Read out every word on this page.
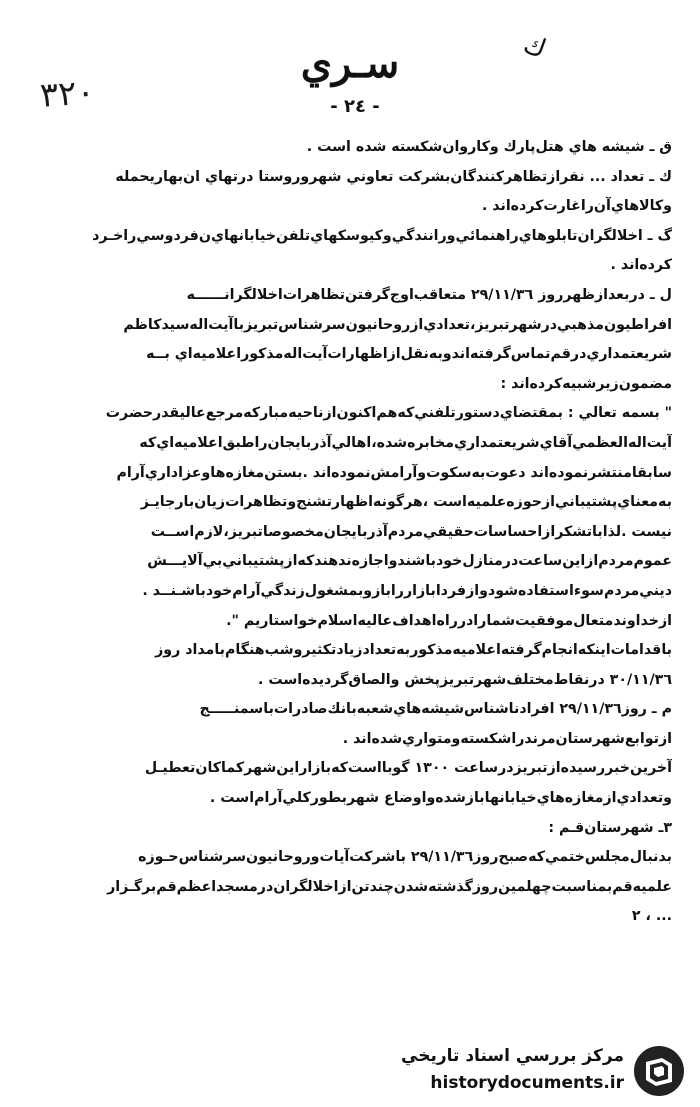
٣٢٠
ك
سـري
- ٢٤ -
ق ـ شيشه هاي هتل‌پارك وكاروان‌شكسته شده است .
ك ـ تعداد ... نفرازتظاهركنندگان‌بشركت تعاوني شهروروستا درتهاي ان‌بهاريحمله
وكالاهاي‌آن‌راغارت‌كرده‌اند .
گ ـ اخلالگران‌تابلوهاي‌راهنمائي‌ورانندگي‌وكيوسكهاي‌تلفن‌خيابانهاي‌ن‌فردوسي‌راخـرد
كرده‌اند .
ل ـ دربعدازظهرروز ٢٩/١١/٣٦ متعاقب‌اوج‌گرفتن‌تظاهرات‌اخلالگرانــــــه
افراطيون‌مذهبي‌درشهرتبريز،تعدادي‌ازروحانيون‌سرشناس‌تبريزباآيت‌اله‌سيدكاظم
شريعتمداري‌درقم‌تماس‌گرفته‌اندوبه‌نقل‌ازاظهارات‌آيت‌اله‌مذكوراعلاميه‌اي بــه
مضمون‌زيرشبيه‌كرده‌اند :
" بسمه تعالي : بمقتضاي‌دستورتلفني‌كه‌هم‌اكنون‌ازناحيه‌مباركه‌مرجع‌عاليقدرحضرت
آيت‌اله‌العظمي‌آقاي‌شريعتمداري‌مخابره‌شده،اهالي‌آذربايجان‌راطبق‌اعلاميه‌اي‌كه
سابقامنتشرنموده‌اند دعوت‌به‌سكوت‌وآرامش‌نموده‌اند .بستن‌مغازه‌هاوعزاداري‌آرام
به‌معناي‌پشتيباني‌ازحوزه‌علميه‌است ،هرگونه‌اظهارتشنج‌وتظاهرات‌زيان‌بارجايـز
نيست .لذاباتشكرازاحساسات‌حقيقي‌مردم‌آذربايجان‌مخصوصاتبريز،لازم‌اســت
عموم‌مردم‌ازاين‌ساعت‌درمنازل‌خودباشندواجازه‌ندهندكه‌ازپشتيباني‌بي‌آلايـــش
دیني‌مردم‌سوءاستفاده‌شودوازفردابازاررابازوبمشغول‌زندگي‌آرام‌خودباشـنــد .
ازخداوندمتعال‌موفقيت‌شمارادرراه‌اهداف‌عاليه‌اسلام‌خواستاريم ".
باقدامات‌اينكه‌انجام‌گرفته‌اعلاميه‌مذكوربه‌تعدادزيادتكثيروشب‌هنگام‌بامداد روز
٣٠/١١/٣٦ درنقاط‌مختلف‌شهرتبريزپخش والصاق‌گرديده‌است .
م ـ روز٢٩/١١/٣٦ افرادناشناس‌شيشه‌هاي‌شعبه‌بانك‌صادرات‌باسمنـــــج
ازتوابع‌شهرستان‌مرندراشكسته‌ومتواري‌شده‌اند .
آخرين‌خبررسيده‌ازتبريزدرساعت ١٣٠٠ گوبااست‌كه‌بازاراين‌شهركماكان‌تعطيـل
وتعدادي‌ازمغازه‌هاي‌خيابانهابازشده‌واوضاع شهربطوركلي‌آرام‌است .
٣ـ شهرستان‌قـم :
بدنبال‌مجلس‌ختمي‌كه‌صبح‌روز٢٩/١١/٣٦ باشركت‌آيات‌وروحانيون‌سرشناس‌حـوزه
علميه‌قم‌بمناسبت‌چهلمين‌روزگذشته‌شدن‌چندتن‌ازاخلالگران‌درمسجداعظم‌قم‌برگـزار
... ، ٢
مركز بررسي اسناد تاريخي
historydocuments.ir
